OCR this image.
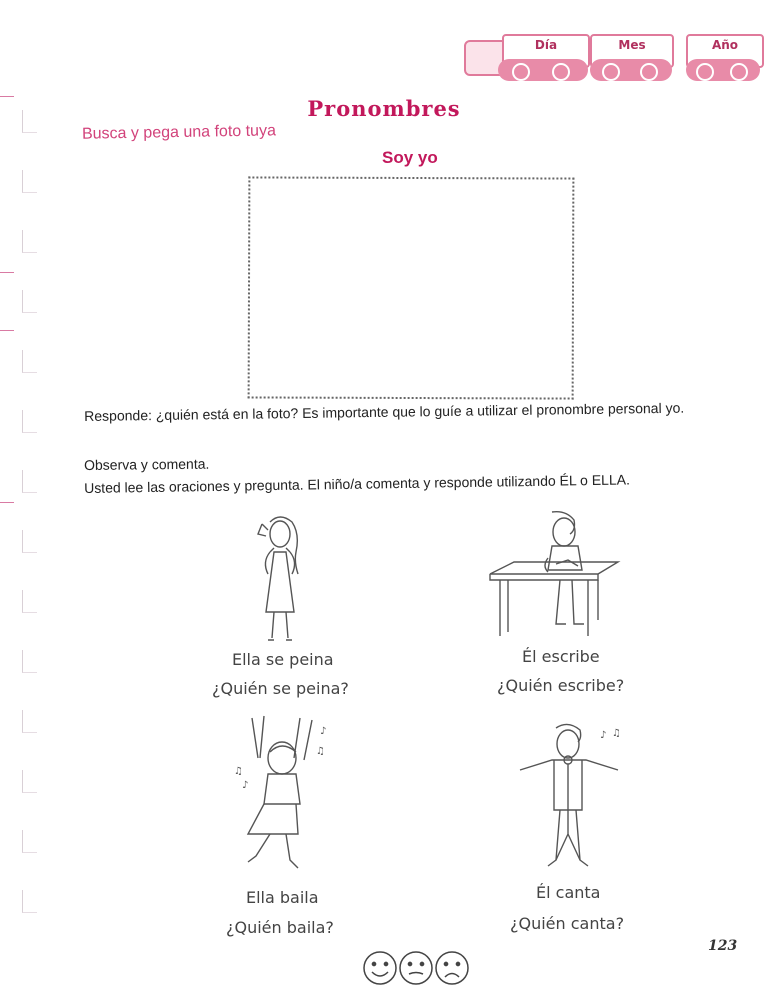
Día	Mes	Año
Pronombres
Busca y pega una foto tuya
Soy yo
Responde: ¿quién está en la foto? Es importante que lo guíe a utilizar el pronombre personal yo.
Observa y comenta.
Usted lee las oraciones y pregunta. El niño/a comenta y responde utilizando ÉL o ELLA.
Ella se peina
¿Quién se peina?
Él escribe
¿Quién escribe?
♪
♫
♫
♪
Ella baila
¿Quién baila?
♪ ♫
Él canta
¿Quién canta?
123
